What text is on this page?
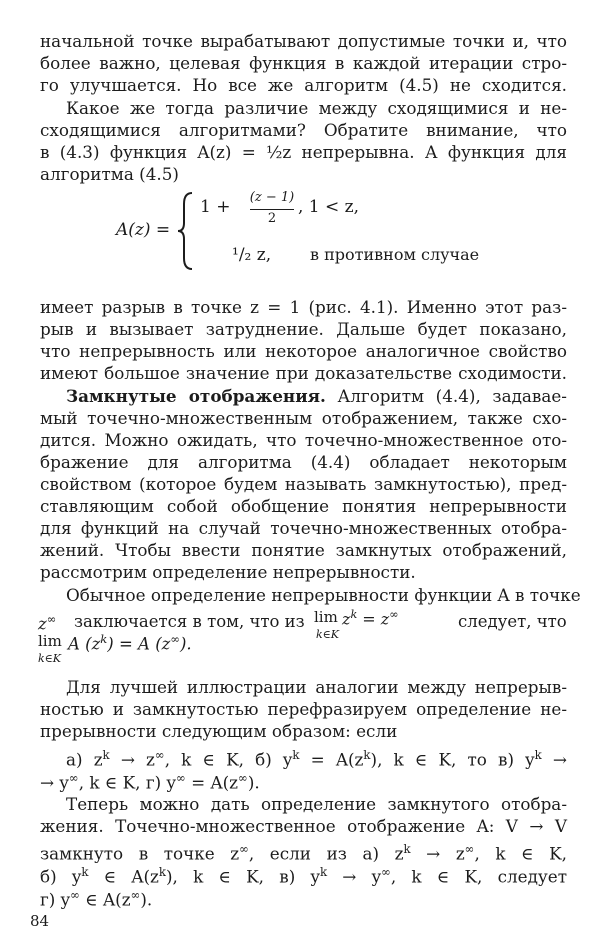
начальной точке вырабатывают допустимые точки и, что

более важно, целевая функция в каждой итерации стро-

го улучшается. Но все же алгоритм (4.5) не сходится.

Какое же тогда различие между сходящимися и не-

сходящимися алгоритмами? Обратите внимание, что

в (4.3) функция A(z) = ½z непрерывна. А функция для

алгоритма (4.5)

A(z) =
1 + (z − 1)
2
, 1 < z,
¹/₂ z, в противном случае

имеет разрыв в точке z = 1 (рис. 4.1). Именно этот раз-

рыв и вызывает затруднение. Дальше будет показано,

что непрерывность или некоторое аналогичное свойство

имеют большое значение при доказательстве сходимости.

Замкнутые отображения. Алгоритм (4.4), задавае-

мый точечно-множественным отображением, также схо-

дится. Можно ожидать, что точечно-множественное ото-

бражение для алгоритма (4.4) обладает некоторым

свойством (которое будем называть замкнутостью), пред-

ставляющим собой обобщение понятия непрерывности

для функций на случай точечно-множественных отобра-

жений. Чтобы ввести понятие замкнутых отображений,

рассмотрим определение непрерывности.

Обычное определение непрерывности функции A в точке

z∞ заключается в том, что из $\lim z^k = z^\infty$
k∈K
следует, что
lim A $(z^k) = A$ (z∞).
k∈K

Для лучшей иллюстрации аналогии между непрерыв-

ностью и замкнутостью перефразируем определение не-

прерывности следующим образом: если

а) $z^k \to z^\infty$, k ∈ K, б) $y^k = A(z^k)$, k ∈ K, то в) $y^k$ →

→ y∞, k ∈ K, г) y∞ = A(z∞).

Теперь можно дать определение замкнутого отобра-

жения. Точечно-множественное отображение A: V → V

замкнуто в точке z∞, если из а) $z^k \to z^\infty$, k ∈ K,

б) $y^k$ ∈ $A(z^k)$, k ∈ K, в) $y^k \to y^\infty$, k ∈ K, следует

г) y∞ ∈ A(z∞).

84
